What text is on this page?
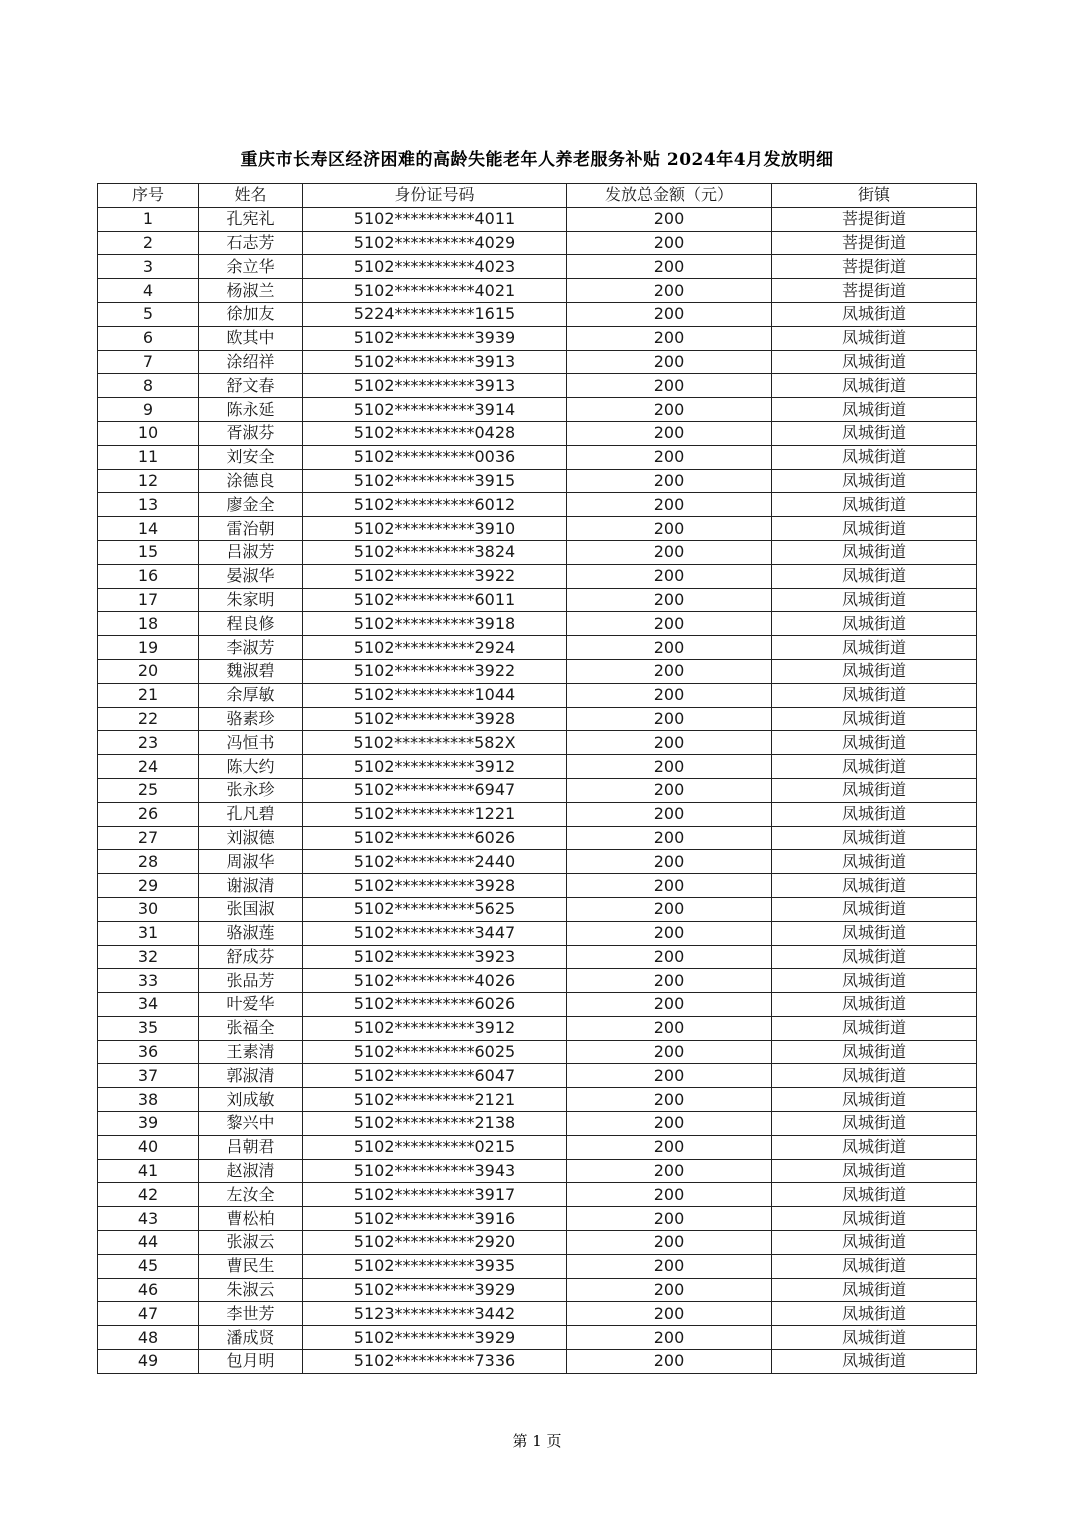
重庆市长寿区经济困难的高龄失能老年人养老服务补贴 2024年4月发放明细
序号	姓名	身份证号码	发放总金额（元）	街镇
1	孔宪礼	5102**********4011	200	菩提街道
2	石志芳	5102**********4029	200	菩提街道
3	余立华	5102**********4023	200	菩提街道
4	杨淑兰	5102**********4021	200	菩提街道
5	徐加友	5224**********1615	200	凤城街道
6	欧其中	5102**********3939	200	凤城街道
7	涂绍祥	5102**********3913	200	凤城街道
8	舒文春	5102**********3913	200	凤城街道
9	陈永延	5102**********3914	200	凤城街道
10	胥淑芬	5102**********0428	200	凤城街道
11	刘安全	5102**********0036	200	凤城街道
12	涂德良	5102**********3915	200	凤城街道
13	廖金全	5102**********6012	200	凤城街道
14	雷治朝	5102**********3910	200	凤城街道
15	吕淑芳	5102**********3824	200	凤城街道
16	晏淑华	5102**********3922	200	凤城街道
17	朱家明	5102**********6011	200	凤城街道
18	程良修	5102**********3918	200	凤城街道
19	李淑芳	5102**********2924	200	凤城街道
20	魏淑碧	5102**********3922	200	凤城街道
21	余厚敏	5102**********1044	200	凤城街道
22	骆素珍	5102**********3928	200	凤城街道
23	冯恒书	5102**********582X	200	凤城街道
24	陈大约	5102**********3912	200	凤城街道
25	张永珍	5102**********6947	200	凤城街道
26	孔凡碧	5102**********1221	200	凤城街道
27	刘淑德	5102**********6026	200	凤城街道
28	周淑华	5102**********2440	200	凤城街道
29	谢淑清	5102**********3928	200	凤城街道
30	张国淑	5102**********5625	200	凤城街道
31	骆淑莲	5102**********3447	200	凤城街道
32	舒成芬	5102**********3923	200	凤城街道
33	张品芳	5102**********4026	200	凤城街道
34	叶爱华	5102**********6026	200	凤城街道
35	张福全	5102**********3912	200	凤城街道
36	王素清	5102**********6025	200	凤城街道
37	郭淑清	5102**********6047	200	凤城街道
38	刘成敏	5102**********2121	200	凤城街道
39	黎兴中	5102**********2138	200	凤城街道
40	吕朝君	5102**********0215	200	凤城街道
41	赵淑清	5102**********3943	200	凤城街道
42	左汝全	5102**********3917	200	凤城街道
43	曹松柏	5102**********3916	200	凤城街道
44	张淑云	5102**********2920	200	凤城街道
45	曹民生	5102**********3935	200	凤城街道
46	朱淑云	5102**********3929	200	凤城街道
47	李世芳	5123**********3442	200	凤城街道
48	潘成贤	5102**********3929	200	凤城街道
49	包月明	5102**********7336	200	凤城街道
第 1 页
